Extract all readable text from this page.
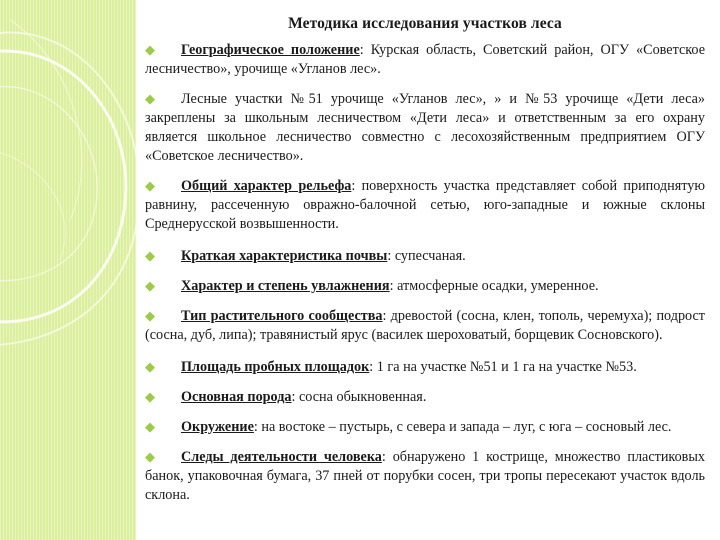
Методика исследования участков леса

◆ Географическое положение: Курская область, Советский район, ОГУ «Советское лесничество», урочище «Угланов лес».

◆ Лесные участки №51 урочище «Угланов лес», » и №53 урочище «Дети леса» закреплены за школьным лесничеством «Дети леса» и ответственным за его охрану является школьное лесничество совместно с лесохозяйственным предприятием ОГУ «Советское лесничество».

◆ Общий характер рельефа: поверхность участка представляет собой приподнятую равнину, рассеченную овражно-балочной сетью, юго-западные и южные склоны Среднерусской возвышенности.

◆ Краткая характеристика почвы: супесчаная.

◆ Характер и степень увлажнения: атмосферные осадки, умеренное.

◆ Тип растительного сообщества: древостой (сосна, клен, тополь, черемуха); подрост (сосна, дуб, липа); травянистый ярус (василек шероховатый, борщевик Сосновского).

◆ Площадь пробных площадок: 1 га на участке №51 и 1 га на участке №53.

◆ Основная порода: сосна обыкновенная.

◆ Окружение: на востоке – пустырь, с севера и запада – луг, с юга – сосновый лес.

◆ Следы деятельности человека: обнаружено 1 кострище, множество пластиковых банок, упаковочная бумага, 37 пней от порубки сосен, три тропы пересекают участок вдоль склона.
